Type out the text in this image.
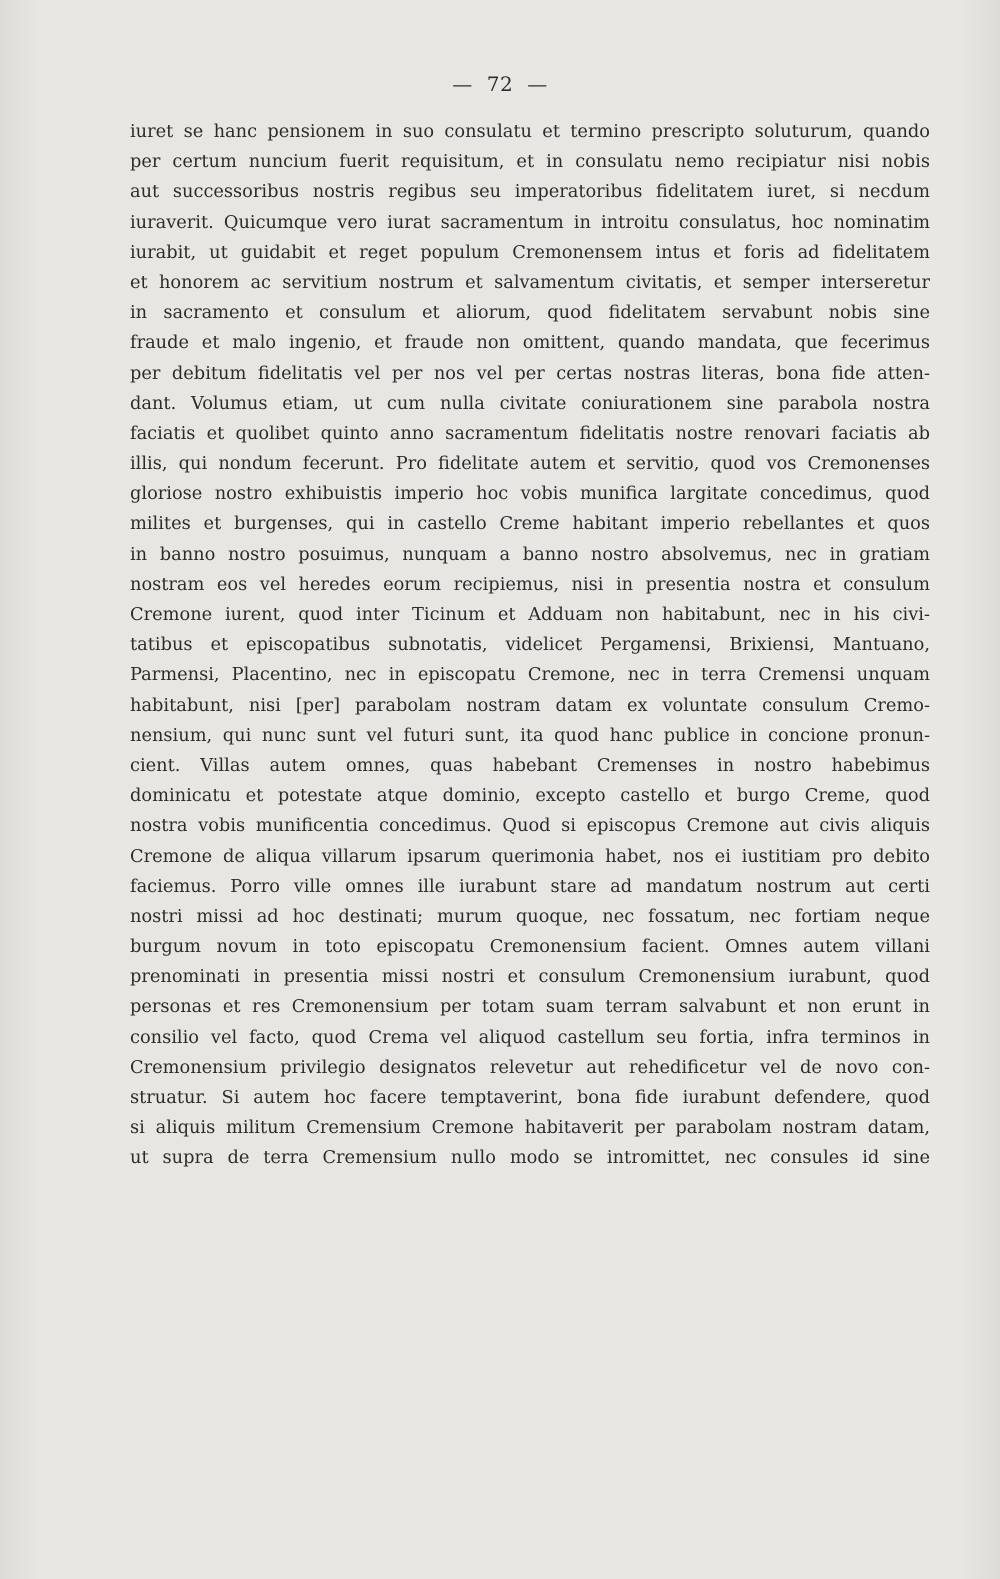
— 72 —
iuret se hanc pensionem in suo consulatu et termino prescripto soluturum, quando
per certum nuncium fuerit requisitum, et in consulatu nemo recipiatur nisi nobis
aut successoribus nostris regibus seu imperatoribus fidelitatem iuret, si necdum
iuraverit. Quicumque vero iurat sacramentum in introitu consulatus, hoc nominatim
iurabit, ut guidabit et reget populum Cremonensem intus et foris ad fidelitatem
et honorem ac servitium nostrum et salvamentum civitatis, et semper interseretur
in sacramento et consulum et aliorum, quod fidelitatem servabunt nobis sine
fraude et malo ingenio, et fraude non omittent, quando mandata, que fecerimus
per debitum fidelitatis vel per nos vel per certas nostras literas, bona fide atten-
dant. Volumus etiam, ut cum nulla civitate coniurationem sine parabola nostra
faciatis et quolibet quinto anno sacramentum fidelitatis nostre renovari faciatis ab
illis, qui nondum fecerunt. Pro fidelitate autem et servitio, quod vos Cremonenses
gloriose nostro exhibuistis imperio hoc vobis munifica largitate concedimus, quod
milites et burgenses, qui in castello Creme habitant imperio rebellantes et quos
in banno nostro posuimus, nunquam a banno nostro absolvemus, nec in gratiam
nostram eos vel heredes eorum recipiemus, nisi in presentia nostra et consulum
Cremone iurent, quod inter Ticinum et Adduam non habitabunt, nec in his civi-
tatibus et episcopatibus subnotatis, videlicet Pergamensi, Brixiensi, Mantuano,
Parmensi, Placentino, nec in episcopatu Cremone, nec in terra Cremensi unquam
habitabunt, nisi [per] parabolam nostram datam ex voluntate consulum Cremo-
nensium, qui nunc sunt vel futuri sunt, ita quod hanc publice in concione pronun-
cient. Villas autem omnes, quas habebant Cremenses in nostro habebimus
dominicatu et potestate atque dominio, excepto castello et burgo Creme, quod
nostra vobis munificentia concedimus. Quod si episcopus Cremone aut civis aliquis
Cremone de aliqua villarum ipsarum querimonia habet, nos ei iustitiam pro debito
faciemus. Porro ville omnes ille iurabunt stare ad mandatum nostrum aut certi
nostri missi ad hoc destinati; murum quoque, nec fossatum, nec fortiam neque
burgum novum in toto episcopatu Cremonensium facient. Omnes autem villani
prenominati in presentia missi nostri et consulum Cremonensium iurabunt, quod
personas et res Cremonensium per totam suam terram salvabunt et non erunt in
consilio vel facto, quod Crema vel aliquod castellum seu fortia, infra terminos in
Cremonensium privilegio designatos relevetur aut rehedificetur vel de novo con-
struatur. Si autem hoc facere temptaverint, bona fide iurabunt defendere, quod
si aliquis militum Cremensium Cremone habitaverit per parabolam nostram datam,
ut supra de terra Cremensium nullo modo se intromittet, nec consules id sine
